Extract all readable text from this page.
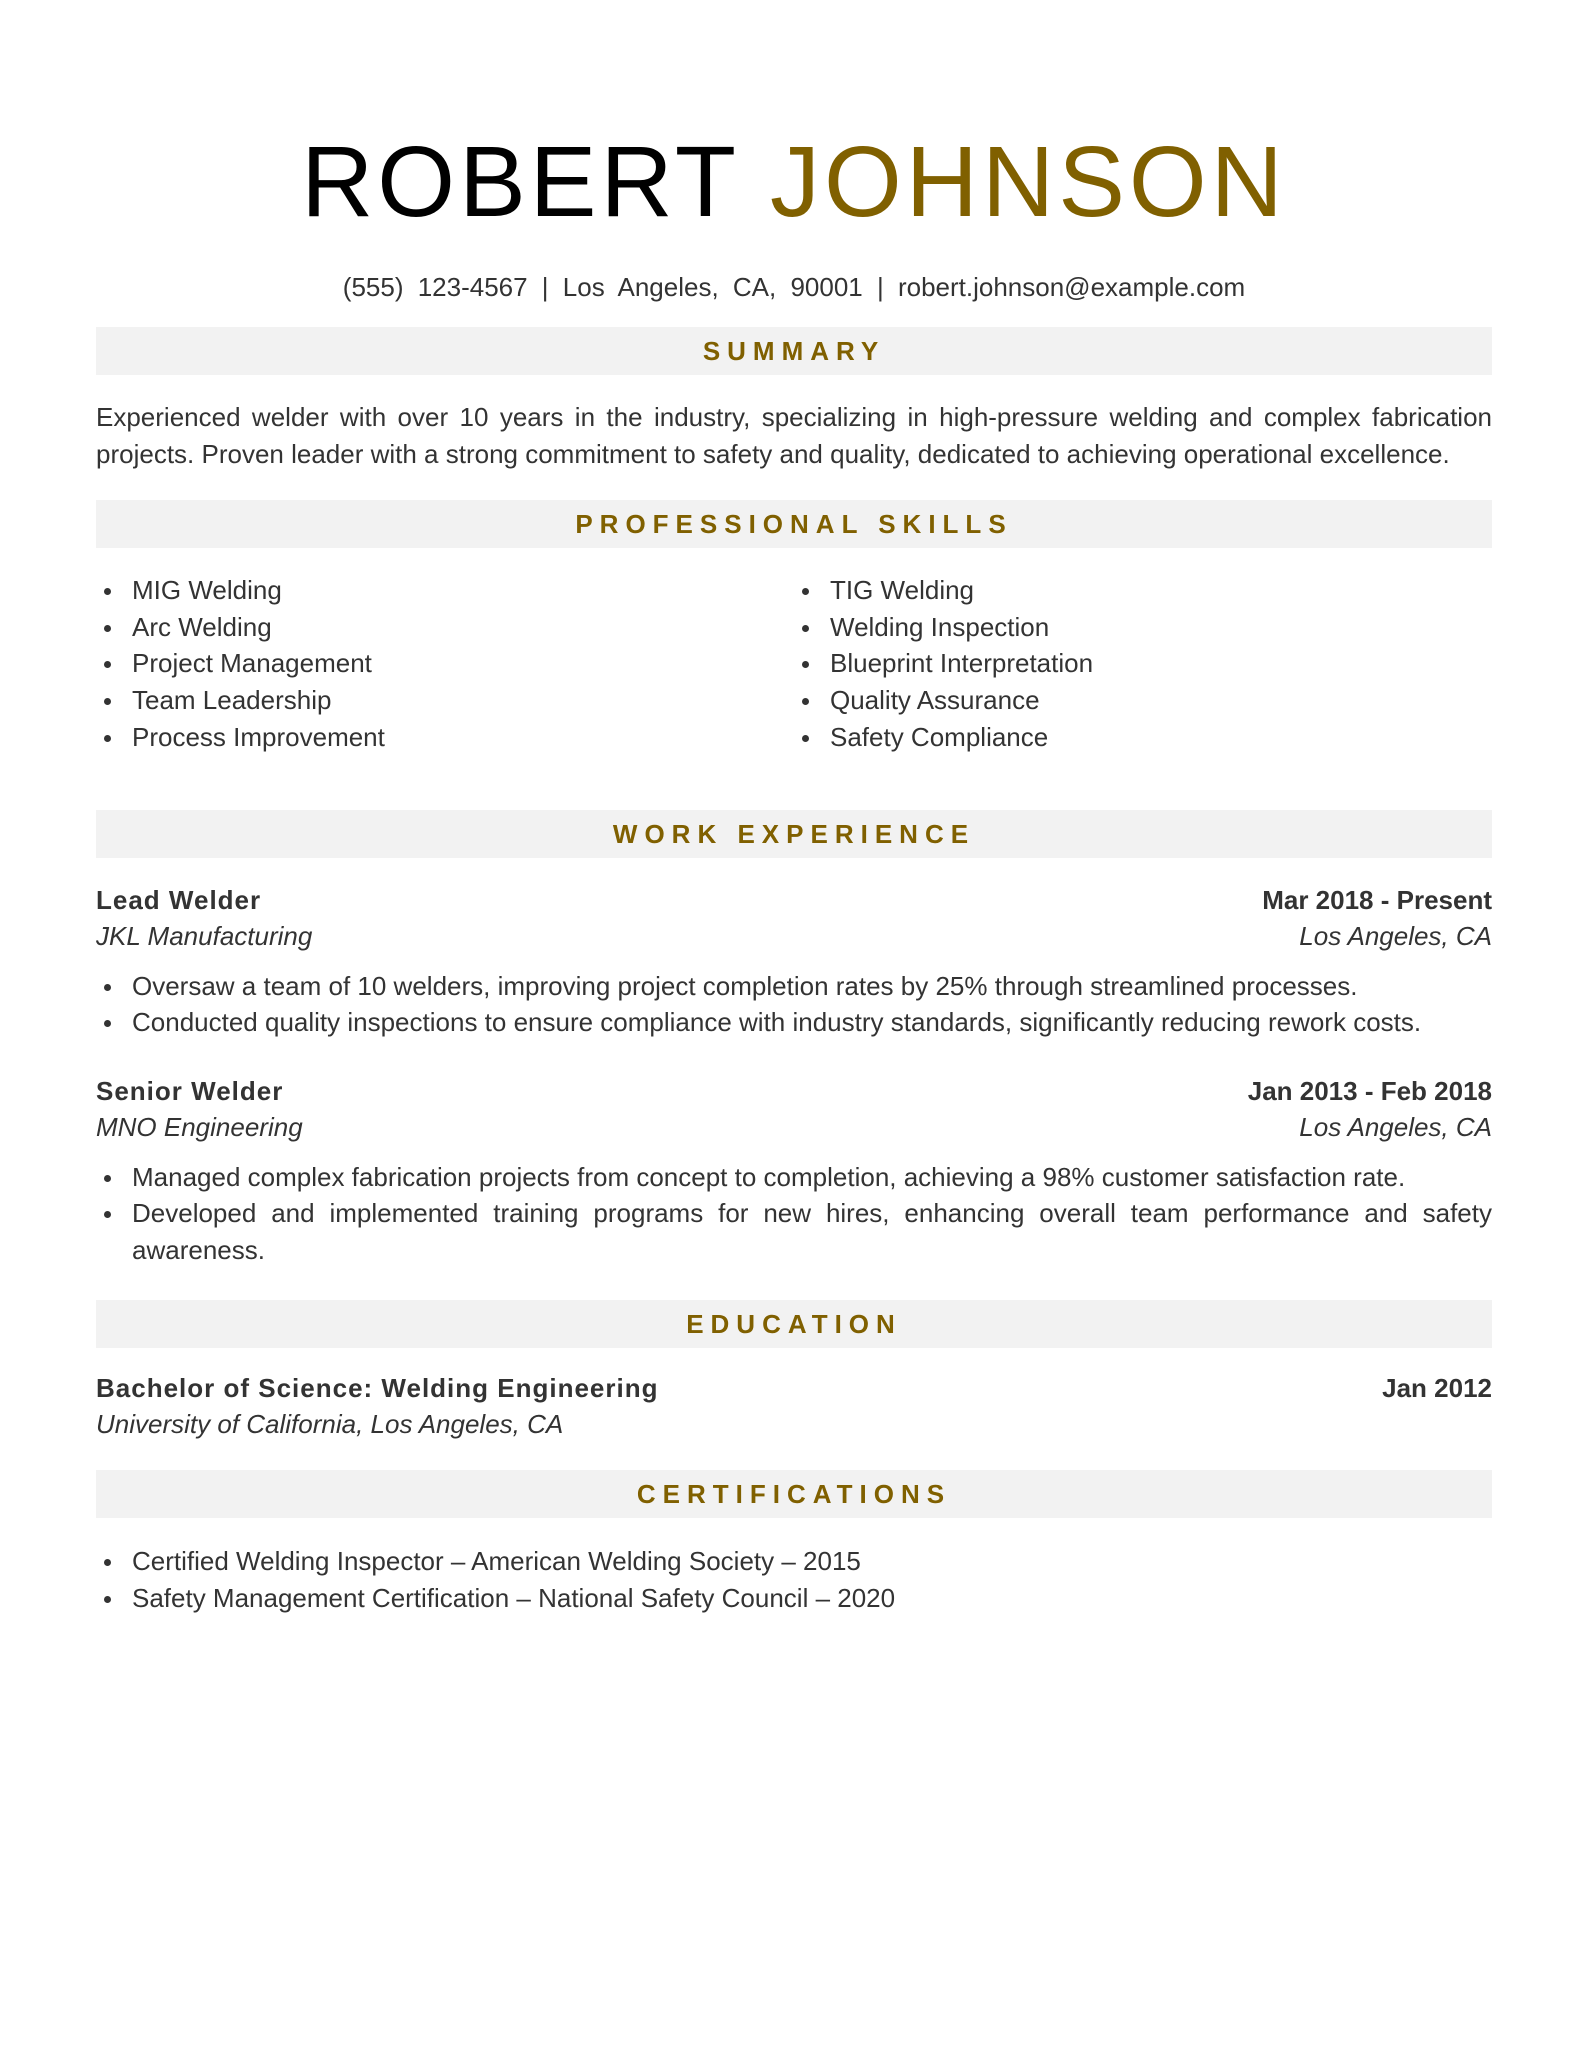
ROBERT JOHNSON
(555) 123-4567 | Los Angeles, CA, 90001 | robert.johnson@example.com
SUMMARY

Experienced welder with over 10 years in the industry, specializing in high-pressure welding and complex fabrication projects. Proven leader with a strong commitment to safety and quality, dedicated to achieving operational excellence.

PROFESSIONAL SKILLS
MIG Welding
Arc Welding
Project Management
Team Leadership
Process Improvement
TIG Welding
Welding Inspection
Blueprint Interpretation
Quality Assurance
Safety Compliance
WORK EXPERIENCE
Lead Welder	Mar 2018 - Present
JKL Manufacturing	Los Angeles, CA
Oversaw a team of 10 welders, improving project completion rates by 25% through streamlined processes.
Conducted quality inspections to ensure compliance with industry standards, significantly reducing rework costs.
Senior Welder	Jan 2013 - Feb 2018
MNO Engineering	Los Angeles, CA
Managed complex fabrication projects from concept to completion, achieving a 98% customer satisfaction rate.
Developed and implemented training programs for new hires, enhancing overall team performance and safety awareness.
EDUCATION
Bachelor of Science: Welding Engineering	Jan 2012
University of California, Los Angeles, CA
CERTIFICATIONS
Certified Welding Inspector – American Welding Society – 2015
Safety Management Certification – National Safety Council – 2020
